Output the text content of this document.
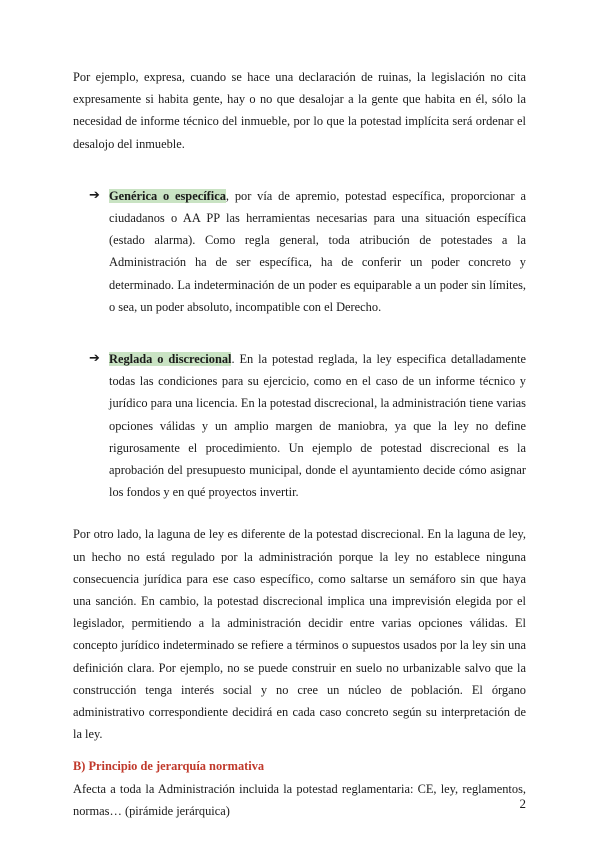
Por ejemplo, expresa, cuando se hace una declaración de ruinas, la legislación no cita expresamente si habita gente, hay o no que desalojar a la gente que habita en él, sólo la necesidad de informe técnico del inmueble, por lo que la potestad implícita será ordenar el desalojo del inmueble.

➔ Genérica o específica, por vía de apremio, potestad específica, proporcionar a ciudadanos o AA PP las herramientas necesarias para una situación específica (estado alarma). Como regla general, toda atribución de potestades a la Administración ha de ser específica, ha de conferir un poder concreto y determinado. La indeterminación de un poder es equiparable a un poder sin límites, o sea, un poder absoluto, incompatible con el Derecho.

➔ Reglada o discrecional. En la potestad reglada, la ley especifica detalladamente todas las condiciones para su ejercicio, como en el caso de un informe técnico y jurídico para una licencia. En la potestad discrecional, la administración tiene varias opciones válidas y un amplio margen de maniobra, ya que la ley no define rigurosamente el procedimiento. Un ejemplo de potestad discrecional es la aprobación del presupuesto municipal, donde el ayuntamiento decide cómo asignar los fondos y en qué proyectos invertir.

Por otro lado, la laguna de ley es diferente de la potestad discrecional. En la laguna de ley, un hecho no está regulado por la administración porque la ley no establece ninguna consecuencia jurídica para ese caso específico, como saltarse un semáforo sin que haya una sanción. En cambio, la potestad discrecional implica una imprevisión elegida por el legislador, permitiendo a la administración decidir entre varias opciones válidas. El concepto jurídico indeterminado se refiere a términos o supuestos usados por la ley sin una definición clara. Por ejemplo, no se puede construir en suelo no urbanizable salvo que la construcción tenga interés social y no cree un núcleo de población. El órgano administrativo correspondiente decidirá en cada caso concreto según su interpretación de la ley.

B) Principio de jerarquía normativa

Afecta a toda la Administración incluida la potestad reglamentaria: CE, ley, reglamentos, normas… (pirámide jerárquica)	2
